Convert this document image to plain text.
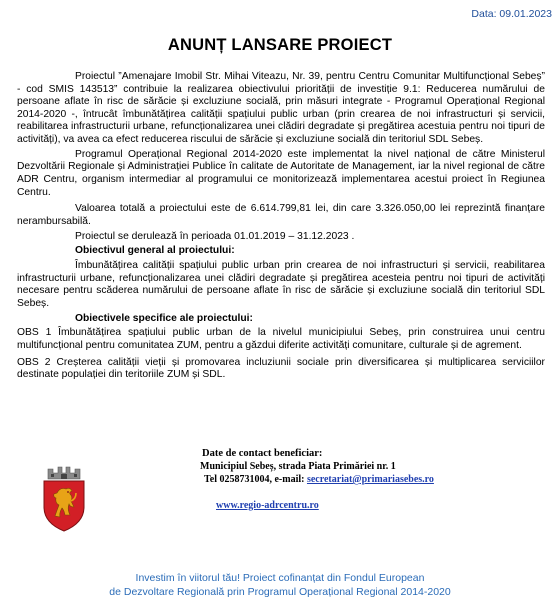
Data: 09.01.2023
ANUNȚ LANSARE PROIECT

Proiectul ”Amenajare Imobil Str. Mihai Viteazu, Nr. 39, pentru Centru Comunitar Multifuncțional Sebeș” - cod SMIS 143513” contribuie la realizarea obiectivului priorității de investiție 9.1: Reducerea numărului de persoane aflate în risc de sărăcie și excluziune socială, prin măsuri integrate - Programul Operațional Regional 2014-2020 -, întrucât îmbunătățirea calității spațiului public urban (prin crearea de noi infrastructuri și servicii, reabilitarea infrastructurii urbane, refuncționalizarea unei clădiri degradate și pregătirea acestuia pentru noi tipuri de activități), va avea ca efect reducerea riscului de sărăcie și excluziune socială din teritoriul SDL Sebeș.

Programul Operațional Regional 2014-2020 este implementat la nivel național de către Ministerul Dezvoltării Regionale și Administrației Publice în calitate de Autoritate de Management, iar la nivel regional de către ADR Centru, organism intermediar al programului ce monitorizează implementarea acestui proiect în Regiunea Centru.

Valoarea totală a proiectului este de 6.614.799,81 lei, din care 3.326.050,00 lei reprezintă finanțare nerambursabilă.

Proiectul se derulează în perioada 01.01.2019 – 31.12.2023 .

Obiectivul general al proiectului:

Îmbunătățirea calității spațiului public urban prin crearea de noi infrastructuri și servicii, reabilitarea infrastructurii urbane, refuncționalizarea unei clădiri degradate și pregătirea acesteia pentru noi tipuri de activități necesare pentru scăderea numărului de persoane aflate în risc de sărăcie și excluziune socială din teritoriul SDL Sebeș.

Obiectivele specifice ale proiectului:

OBS 1 Îmbunătățirea spațiului public urban de la nivelul municipiului Sebeș, prin construirea unui centru multifuncțional pentru comunitatea ZUM, pentru a găzdui diferite activități comunitare, culturale și de agrement.

OBS 2 Creșterea calității vieții și promovarea incluziunii sociale prin diversificarea și multiplicarea serviciilor destinate populației din teritoriile ZUM și SDL.

Date de contact beneficiar:
Municipiul Sebeș, strada Piata Primăriei nr. 1
Tel 0258731004, e-mail: secretariat@primariasebes.ro
www.regio-adrcentru.ro
Investim în viitorul tău! Proiect cofinanțat din Fondul European
de Dezvoltare Regională prin Programul Operațional Regional 2014-2020
